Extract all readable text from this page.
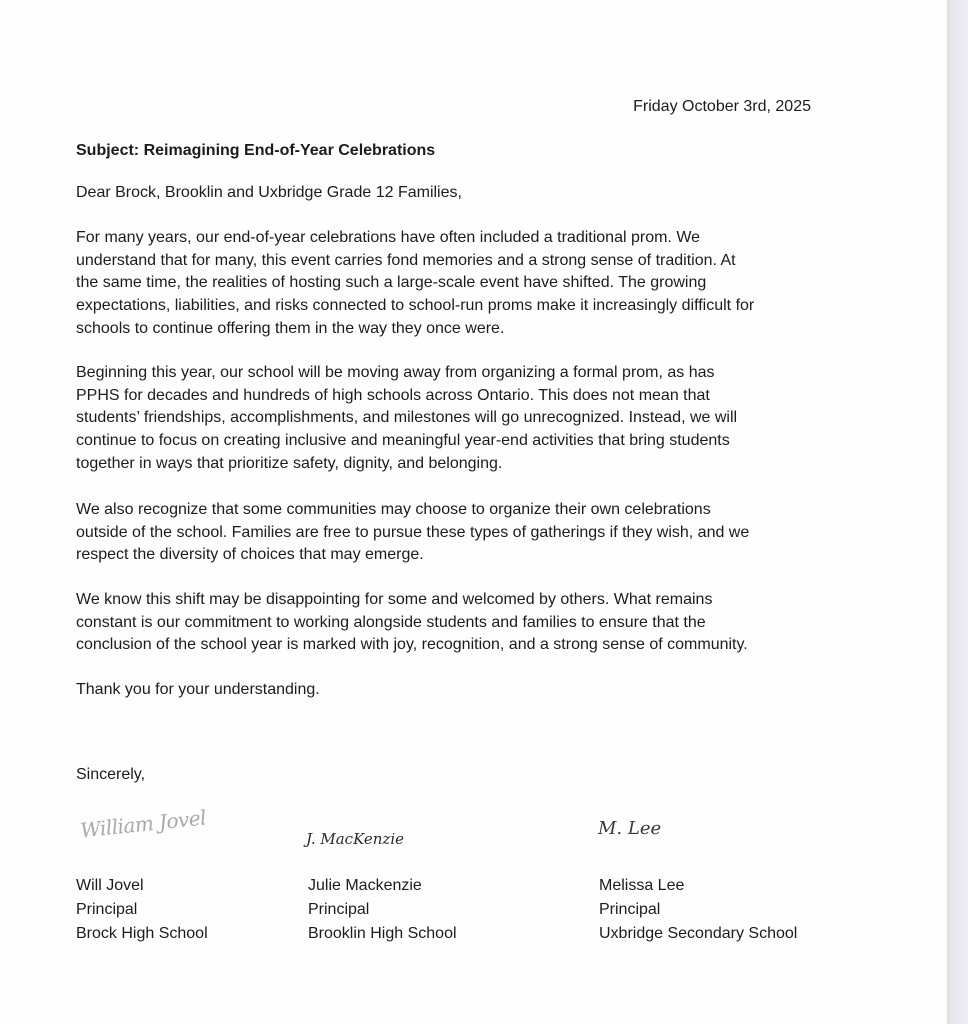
Friday October 3rd, 2025
Subject: Reimagining End-of-Year Celebrations
Dear Brock, Brooklin and Uxbridge Grade 12 Families,

For many years, our end-of-year celebrations have often included a traditional prom. We
understand that for many, this event carries fond memories and a strong sense of tradition. At
the same time, the realities of hosting such a large-scale event have shifted. The growing
expectations, liabilities, and risks connected to school-run proms make it increasingly difficult for
schools to continue offering them in the way they once were.

Beginning this year, our school will be moving away from organizing a formal prom, as has
PPHS for decades and hundreds of high schools across Ontario. This does not mean that
students’ friendships, accomplishments, and milestones will go unrecognized. Instead, we will
continue to focus on creating inclusive and meaningful year-end activities that bring students
together in ways that prioritize safety, dignity, and belonging.

We also recognize that some communities may choose to organize their own celebrations
outside of the school. Families are free to pursue these types of gatherings if they wish, and we
respect the diversity of choices that may emerge.

We know this shift may be disappointing for some and welcomed by others. What remains
constant is our commitment to working alongside students and families to ensure that the
conclusion of the school year is marked with joy, recognition, and a strong sense of community.

Thank you for your understanding.

Sincerely,
William Jovel	J. MacKenzie	M. Lee
Will Jovel
Principal
Brock High School
Julie Mackenzie
Principal
Brooklin High School
Melissa Lee
Principal
Uxbridge Secondary School
